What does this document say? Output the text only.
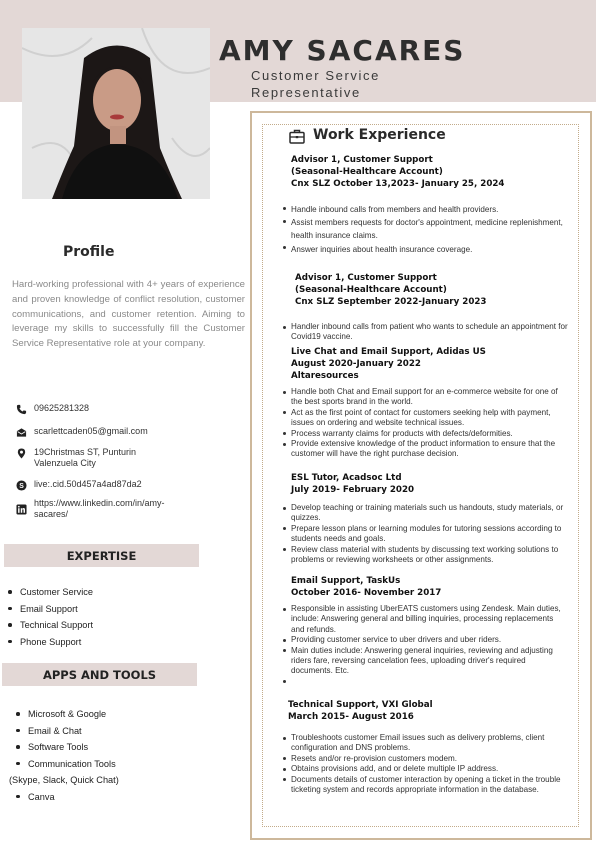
AMY SACARES
Customer Service Representative
Profile
Hard-working professional with 4+ years of experience and proven knowledge of conflict resolution, customer communications, and customer retention. Aiming to leverage my skills to successfully fill the Customer Service Representative role at your company.
09625281328
scarlettcaden05@gmail.com
19Christmas ST, Punturin Valenzuela City
S live:.cid.50d457a4ad87da2
https://www.linkedin.com/in/amy-sacares/
EXPERTISE
Customer Service
Email Support
Technical Support
Phone Support
APPS AND TOOLS
Microsoft & Google
Email & Chat
Software Tools
Communication Tools
(Skype, Slack, Quick Chat)
Canva
Work Experience
Advisor 1, Customer Support
(Seasonal-Healthcare Account)
Cnx SLZ October 13,2023- January 25, 2024
Handle inbound calls from members and health providers.
Assist members requests for doctor's appointment, medicine replenishment, health insurance claims.
Answer inquiries about health insurance coverage.
Advisor 1, Customer Support
(Seasonal-Healthcare Account)
Cnx SLZ September 2022-January 2023
Handler inbound calls from patient who wants to schedule an appointment for Covid19 vaccine.
Live Chat and Email Support, Adidas US
August 2020-January 2022
Altaresources
Handle both Chat and Email support for an e-commerce website for one of the best sports brand in the world.
Act as the first point of contact for customers seeking help with payment, issues on ordering and website technical issues.
Process warranty claims for products with defects/deformities.
Provide extensive knowledge of the product information to ensure that the customer will have the right purchase decision.
ESL Tutor, Acadsoc Ltd
July 2019- February 2020
Develop teaching or training materials such us handouts, study materials, or quizzes.
Prepare lesson plans or learning modules for tutoring sessions according to students needs and goals.
Review class material with students by discussing text working solutions to problems or reviewing worksheets or other assignments.
Email Support, TaskUs
October 2016- November 2017
Responsible in assisting UberEATS customers using Zendesk. Main duties, include: Answering general and billing inquiries, processing replacements and refunds.
Providing customer service to uber drivers and uber riders.
Main duties include: Answering general inquiries, reviewing and adjusting riders fare, reversing cancelation fees, uploading driver's required documents. Etc.
Technical Support, VXI Global
March 2015- August 2016
Troubleshoots customer Email issues such as delivery problems, client configuration and DNS problems.
Resets and/or re-provision customers modem.
Obtains provisions add, and or delete multiple IP address.
Documents details of customer interaction by opening a ticket in the trouble ticketing system and records appropriate information in the database.
